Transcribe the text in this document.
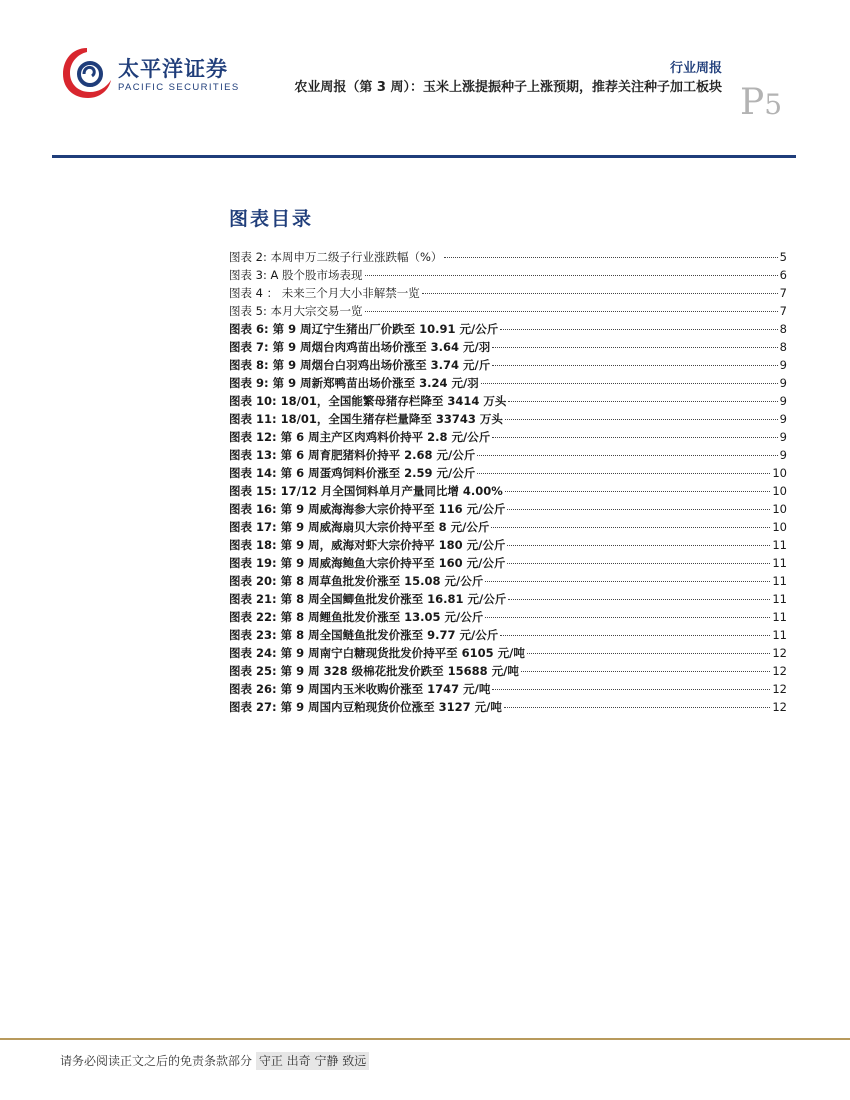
太平洋证券
PACIFIC SECURITIES
行业周报
农业周报（第 3 周）：玉米上涨提振种子上涨预期，推荐关注种子加工板块 P5
图表目录
图表 2: 本周申万二级子行业涨跌幅（%）	5
图表 3: A 股个股市场表现	6
图表 4 ： 未来三个月大小非解禁一览	7
图表 5: 本月大宗交易一览	7
图表 6: 第 9 周辽宁生猪出厂价跌至 10.91 元/公斤	8
图表 7: 第 9 周烟台肉鸡苗出场价涨至 3.64 元/羽	8
图表 8: 第 9 周烟台白羽鸡出场价涨至 3.74 元/斤	9
图表 9: 第 9 周新郑鸭苗出场价涨至 3.24 元/羽	9
图表 10: 18/01，全国能繁母猪存栏降至 3414 万头	9
图表 11: 18/01，全国生猪存栏量降至 33743 万头	9
图表 12: 第 6 周主产区肉鸡料价持平 2.8 元/公斤	9
图表 13: 第 6 周育肥猪料价持平 2.68 元/公斤	9
图表 14: 第 6 周蛋鸡饲料价涨至 2.59 元/公斤	10
图表 15: 17/12 月全国饲料单月产量同比增 4.00%	10
图表 16: 第 9 周威海海参大宗价持平至 116 元/公斤	10
图表 17: 第 9 周威海扇贝大宗价持平至 8 元/公斤	10
图表 18: 第 9 周，威海对虾大宗价持平 180 元/公斤	11
图表 19: 第 9 周威海鲍鱼大宗价持平至 160 元/公斤	11
图表 20: 第 8 周草鱼批发价涨至 15.08 元/公斤	11
图表 21: 第 8 周全国鲫鱼批发价涨至 16.81 元/公斤	11
图表 22: 第 8 周鲤鱼批发价涨至 13.05 元/公斤	11
图表 23: 第 8 周全国鲢鱼批发价涨至 9.77 元/公斤	11
图表 24: 第 9 周南宁白糖现货批发价持平至 6105 元/吨	12
图表 25: 第 9 周 328 级棉花批发价跌至 15688 元/吨	12
图表 26: 第 9 周国内玉米收购价涨至 1747 元/吨	12
图表 27: 第 9 周国内豆粕现货价位涨至 3127 元/吨	12
请务必阅读正文之后的免责条款部分 守正 出奇 宁静 致远
